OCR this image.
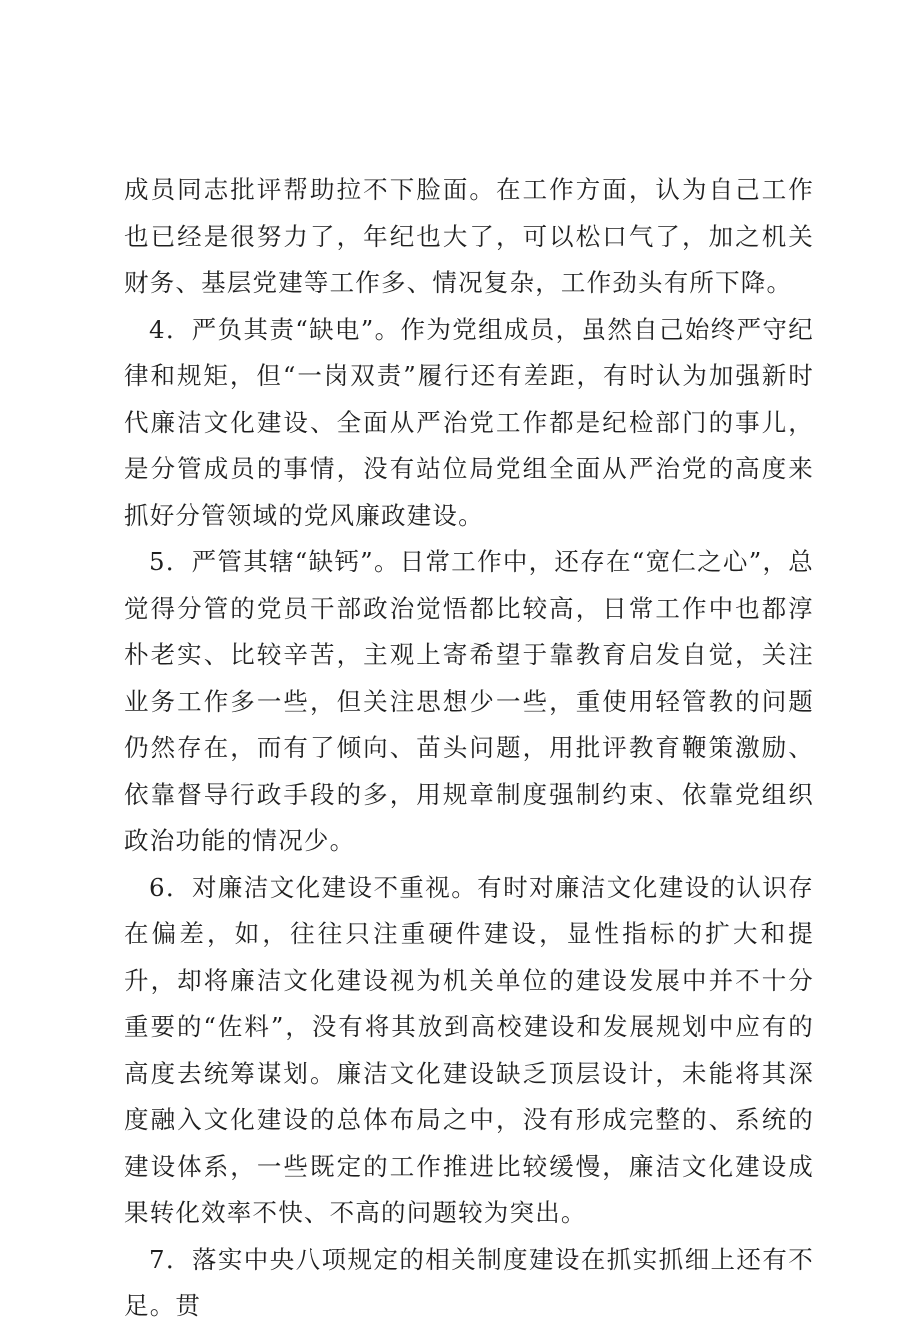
成员同志批评帮助拉不下脸面。在工作方面，认为自己工作也已经是很努力了，年纪也大了，可以松口气了，加之机关财务、基层党建等工作多、情况复杂，工作劲头有所下降。

4．严负其责“缺电”。作为党组成员，虽然自己始终严守纪律和规矩，但“一岗双责”履行还有差距，有时认为加强新时代廉洁文化建设、全面从严治党工作都是纪检部门的事儿，是分管成员的事情，没有站位局党组全面从严治党的高度来抓好分管领域的党风廉政建设。

5．严管其辖“缺钙”。日常工作中，还存在“宽仁之心”，总觉得分管的党员干部政治觉悟都比较高，日常工作中也都淳朴老实、比较辛苦，主观上寄希望于靠教育启发自觉，关注业务工作多一些，但关注思想少一些，重使用轻管教的问题仍然存在，而有了倾向、苗头问题，用批评教育鞭策激励、依靠督导行政手段的多，用规章制度强制约束、依靠党组织政治功能的情况少。

6．对廉洁文化建设不重视。有时对廉洁文化建设的认识存在偏差，如，往往只注重硬件建设，显性指标的扩大和提升，却将廉洁文化建设视为机关单位的建设发展中并不十分重要的“佐料”，没有将其放到高校建设和发展规划中应有的高度去统筹谋划。廉洁文化建设缺乏顶层设计，未能将其深度融入文化建设的总体布局之中，没有形成完整的、系统的建设体系，一些既定的工作推进比较缓慢，廉洁文化建设成果转化效率不快、不高的问题较为突出。

7．落实中央八项规定的相关制度建设在抓实抓细上还有不足。贯
